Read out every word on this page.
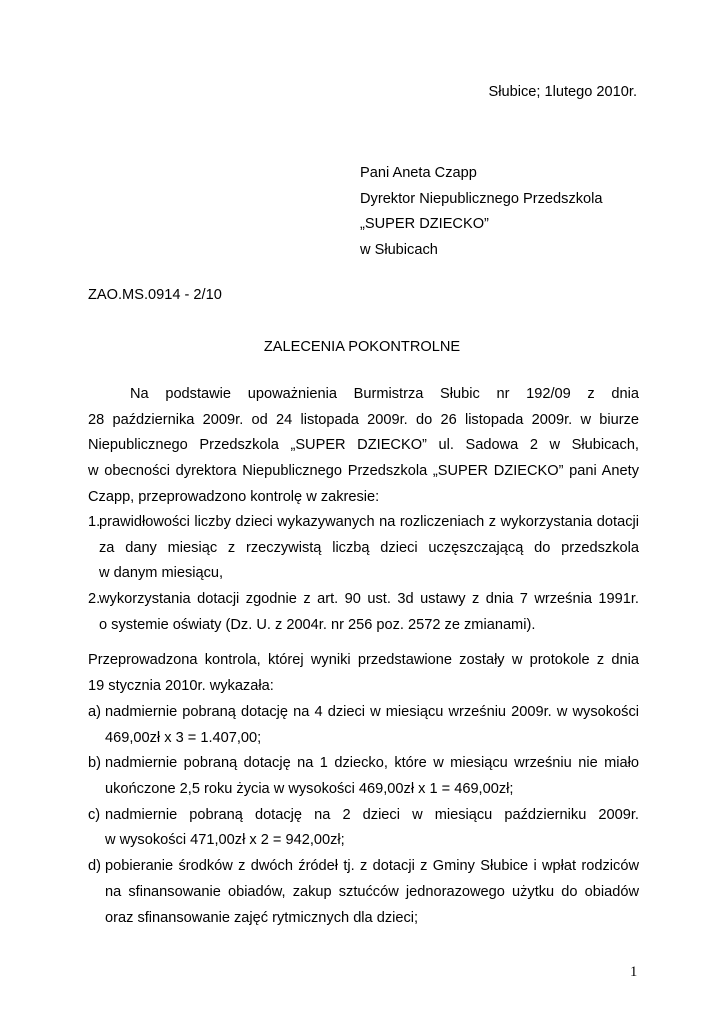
Słubice; 1lutego 2010r.
Pani Aneta Czapp
Dyrektor Niepublicznego Przedszkola
„SUPER DZIECKO”
w Słubicach
ZAO.MS.0914 - 2/10
ZALECENIA POKONTROLNE
Na podstawie upoważnienia Burmistrza Słubic nr 192/09 z dnia
28 października 2009r. od 24 listopada 2009r. do 26 listopada 2009r. w biurze
Niepublicznego Przedszkola „SUPER DZIECKO” ul. Sadowa 2 w Słubicach,
w obecności dyrektora Niepublicznego Przedszkola „SUPER DZIECKO” pani Anety
Czapp, przeprowadzono kontrolę w zakresie:
1.
prawidłowości liczby dzieci wykazywanych na rozliczeniach z wykorzystania dotacji
za dany miesiąc z rzeczywistą liczbą dzieci uczęszczającą do przedszkola
w danym miesiącu,
2.
wykorzystania dotacji zgodnie z art. 90 ust. 3d ustawy z dnia 7 września 1991r.
o systemie oświaty (Dz. U. z 2004r. nr 256 poz. 2572 ze zmianami).
Przeprowadzona kontrola, której wyniki przedstawione zostały w protokole z dnia
19 stycznia 2010r. wykazała:
a) nadmiernie pobraną dotację na 4 dzieci w miesiącu wrześniu 2009r. w wysokości
469,00zł x 3 = 1.407,00;
b) nadmiernie pobraną dotację na 1 dziecko, które w miesiącu wrześniu nie miało
ukończone 2,5 roku życia w wysokości 469,00zł x 1 = 469,00zł;
c) nadmiernie pobraną dotację na 2 dzieci w miesiącu październiku 2009r.
w wysokości 471,00zł x 2 = 942,00zł;
d) pobieranie środków z dwóch źródeł tj. z dotacji z Gminy Słubice i wpłat rodziców
na sfinansowanie obiadów, zakup sztućców jednorazowego użytku do obiadów
oraz sfinansowanie zajęć rytmicznych dla dzieci;
1
